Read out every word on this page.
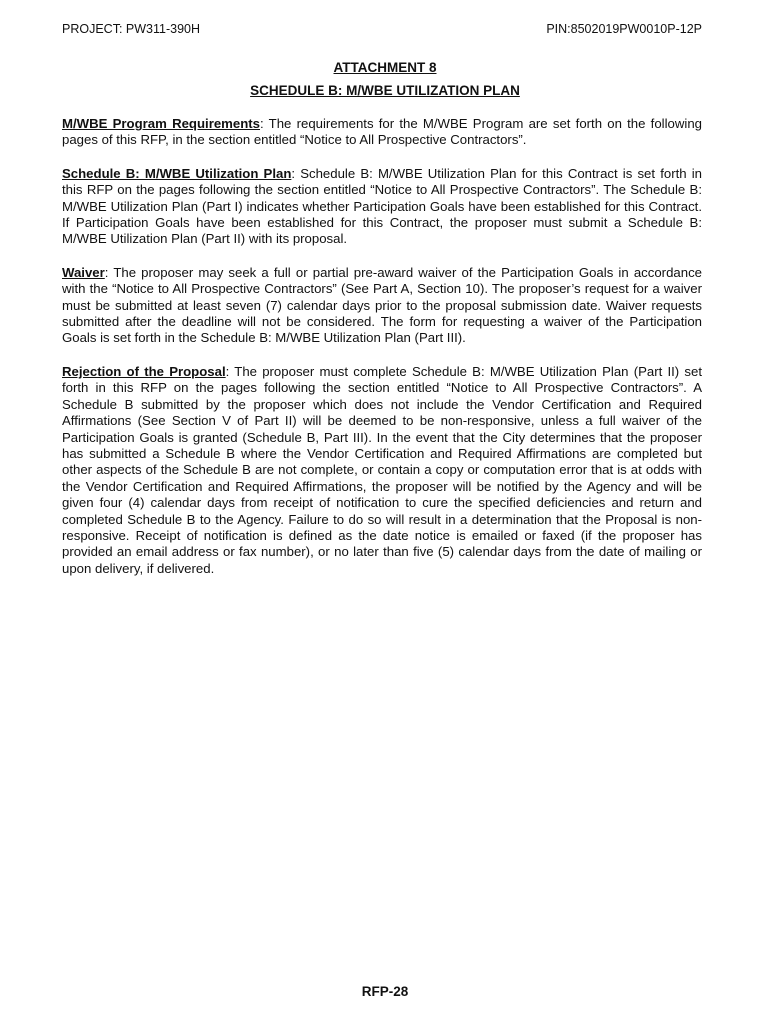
PROJECT: PW311-390H	PIN:8502019PW0010P-12P
ATTACHMENT 8
SCHEDULE B: M/WBE UTILIZATION PLAN

M/WBE Program Requirements: The requirements for the M/WBE Program are set forth on the following pages of this RFP, in the section entitled “Notice to All Prospective Contractors”.

Schedule B: M/WBE Utilization Plan: Schedule B: M/WBE Utilization Plan for this Contract is set forth in this RFP on the pages following the section entitled “Notice to All Prospective Contractors”. The Schedule B: M/WBE Utilization Plan (Part I) indicates whether Participation Goals have been established for this Contract. If Participation Goals have been established for this Contract, the proposer must submit a Schedule B: M/WBE Utilization Plan (Part II) with its proposal.

Waiver: The proposer may seek a full or partial pre-award waiver of the Participation Goals in accordance with the “Notice to All Prospective Contractors” (See Part A, Section 10). The proposer’s request for a waiver must be submitted at least seven (7) calendar days prior to the proposal submission date. Waiver requests submitted after the deadline will not be considered. The form for requesting a waiver of the Participation Goals is set forth in the Schedule B: M/WBE Utilization Plan (Part III).

Rejection of the Proposal: The proposer must complete Schedule B: M/WBE Utilization Plan (Part II) set forth in this RFP on the pages following the section entitled “Notice to All Prospective Contractors”. A Schedule B submitted by the proposer which does not include the Vendor Certification and Required Affirmations (See Section V of Part II) will be deemed to be non-responsive, unless a full waiver of the Participation Goals is granted (Schedule B, Part III). In the event that the City determines that the proposer has submitted a Schedule B where the Vendor Certification and Required Affirmations are completed but other aspects of the Schedule B are not complete, or contain a copy or computation error that is at odds with the Vendor Certification and Required Affirmations, the proposer will be notified by the Agency and will be given four (4) calendar days from receipt of notification to cure the specified deficiencies and return and completed Schedule B to the Agency. Failure to do so will result in a determination that the Proposal is non-responsive. Receipt of notification is defined as the date notice is emailed or faxed (if the proposer has provided an email address or fax number), or no later than five (5) calendar days from the date of mailing or upon delivery, if delivered.

RFP-28
